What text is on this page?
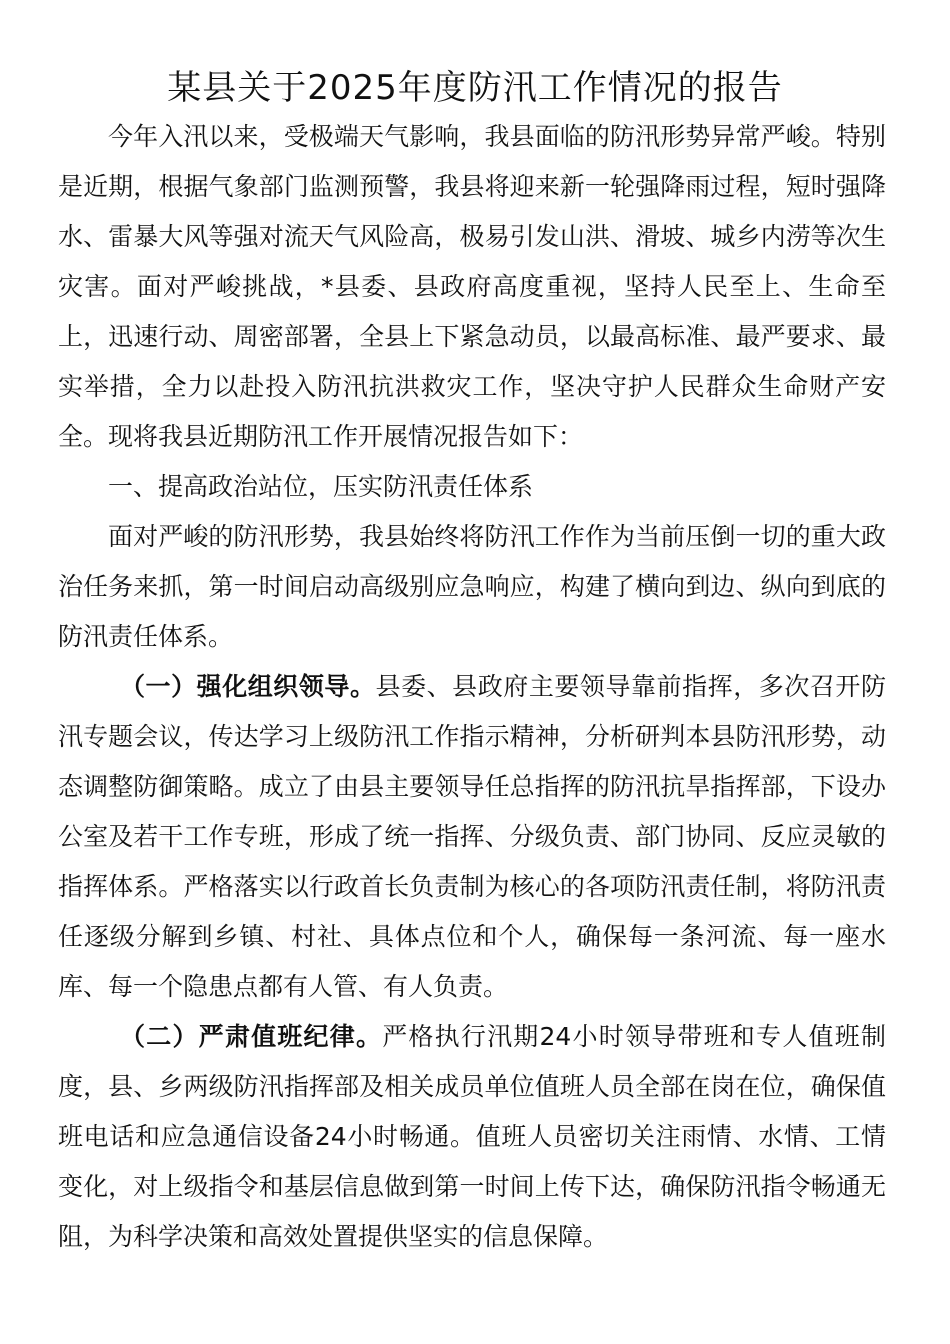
某县关于2025年度防汛工作情况的报告

今年入汛以来，受极端天气影响，我县面临的防汛形势异常严峻。特别是近期，根据气象部门监测预警，我县将迎来新一轮强降雨过程，短时强降水、雷暴大风等强对流天气风险高，极易引发山洪、滑坡、城乡内涝等次生灾害。面对严峻挑战，*县委、县政府高度重视，坚持人民至上、生命至上，迅速行动、周密部署，全县上下紧急动员，以最高标准、最严要求、最实举措，全力以赴投入防汛抗洪救灾工作，坚决守护人民群众生命财产安全。现将我县近期防汛工作开展情况报告如下：

一、提高政治站位，压实防汛责任体系

面对严峻的防汛形势，我县始终将防汛工作作为当前压倒一切的重大政治任务来抓，第一时间启动高级别应急响应，构建了横向到边、纵向到底的防汛责任体系。

（一）强化组织领导。县委、县政府主要领导靠前指挥，多次召开防汛专题会议，传达学习上级防汛工作指示精神，分析研判本县防汛形势，动态调整防御策略。成立了由县主要领导任总指挥的防汛抗旱指挥部，下设办公室及若干工作专班，形成了统一指挥、分级负责、部门协同、反应灵敏的指挥体系。严格落实以行政首长负责制为核心的各项防汛责任制，将防汛责任逐级分解到乡镇、村社、具体点位和个人，确保每一条河流、每一座水库、每一个隐患点都有人管、有人负责。

（二）严肃值班纪律。严格执行汛期24小时领导带班和专人值班制度，县、乡两级防汛指挥部及相关成员单位值班人员全部在岗在位，确保值班电话和应急通信设备24小时畅通。值班人员密切关注雨情、水情、工情变化，对上级指令和基层信息做到第一时间上传下达，确保防汛指令畅通无阻，为科学决策和高效处置提供坚实的信息保障。
